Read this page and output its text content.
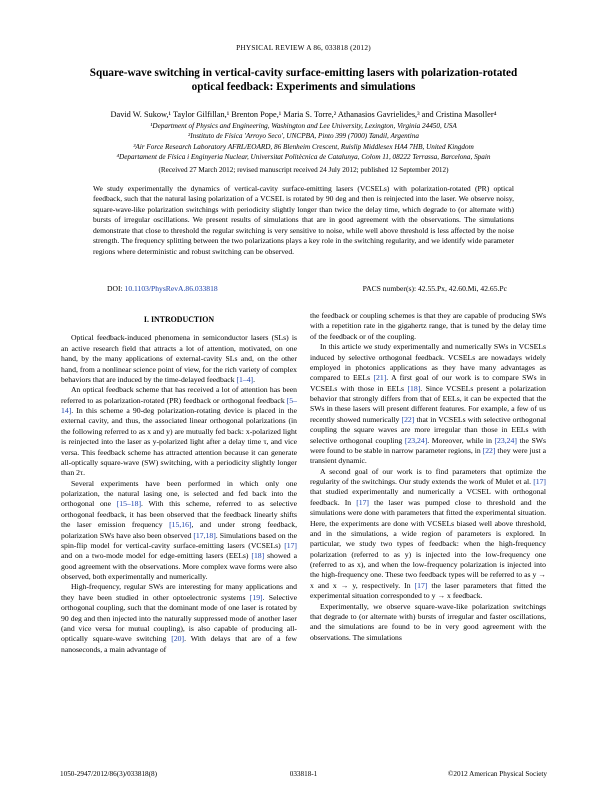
PHYSICAL REVIEW A 86, 033818 (2012)
Square-wave switching in vertical-cavity surface-emitting lasers with polarization-rotated
optical feedback: Experiments and simulations
David W. Sukow,¹ Taylor Gilfillan,¹ Brenton Pope,¹ Maria S. Torre,² Athanasios Gavrielides,³ and Cristina Masoller⁴
¹Department of Physics and Engineering, Washington and Lee University, Lexington, Virginia 24450, USA
²Instituto de Física 'Arroyo Seco', UNCPBA, Pinto 399 (7000) Tandil, Argentina
³Air Force Research Laboratory AFRL/EOARD, 86 Blenheim Crescent, Ruislip Middlesex HA4 7HB, United Kingdom
⁴Departament de Física i Enginyeria Nuclear, Universitat Politècnica de Catalunya, Colom 11, 08222 Terrassa, Barcelona, Spain
(Received 27 March 2012; revised manuscript received 24 July 2012; published 12 September 2012)
We study experimentally the dynamics of vertical-cavity surface-emitting lasers (VCSELs) with polarization-rotated (PR) optical feedback, such that the natural lasing polarization of a VCSEL is rotated by 90 deg and then is reinjected into the laser. We observe noisy, square-wave-like polarization switchings with periodicity slightly longer than twice the delay time, which degrade to (or alternate with) bursts of irregular oscillations. We present results of simulations that are in good agreement with the observations. The simulations demonstrate that close to threshold the regular switching is very sensitive to noise, while well above threshold is less affected by the noise strength. The frequency splitting between the two polarizations plays a key role in the switching regularity, and we identify wide parameter regions where deterministic and robust switching can be observed.
DOI: 10.1103/PhysRevA.86.033818	PACS number(s): 42.55.Px, 42.60.Mi, 42.65.Pc
I. INTRODUCTION

Optical feedback-induced phenomena in semiconductor lasers (SLs) is an active research field that attracts a lot of attention, motivated, on one hand, by the many applications of external-cavity SLs and, on the other hand, from a nonlinear science point of view, for the rich variety of complex behaviors that are induced by the time-delayed feedback [1–4].

An optical feedback scheme that has received a lot of attention has been referred to as polarization-rotated (PR) feedback or orthogonal feedback [5–14]. In this scheme a 90-deg polarization-rotating device is placed in the external cavity, and thus, the associated linear orthogonal polarizations (in the following referred to as x and y) are mutually fed back: x-polarized light is reinjected into the laser as y-polarized light after a delay time τ, and vice versa. This feedback scheme has attracted attention because it can generate all-optically square-wave (SW) switching, with a periodicity slightly longer than 2τ.

Several experiments have been performed in which only one polarization, the natural lasing one, is selected and fed back into the orthogonal one [15–18]. With this scheme, referred to as selective orthogonal feedback, it has been observed that the feedback linearly shifts the laser emission frequency [15,16], and under strong feedback, polarization SWs have also been observed [17,18]. Simulations based on the spin-flip model for vertical-cavity surface-emitting lasers (VCSELs) [17] and on a two-mode model for edge-emitting lasers (EELs) [18] showed a good agreement with the observations. More complex wave forms were also observed, both experimentally and numerically.

High-frequency, regular SWs are interesting for many applications and they have been studied in other optoelectronic systems [19]. Selective orthogonal coupling, such that the dominant mode of one laser is rotated by 90 deg and then injected into the naturally suppressed mode of another laser (and vice versa for mutual coupling), is also capable of producing all-optically square-wave switching [20]. With delays that are of a few nanoseconds, a main advantage of

the feedback or coupling schemes is that they are capable of producing SWs with a repetition rate in the gigahertz range, that is tuned by the delay time of the feedback or of the coupling.

In this article we study experimentally and numerically SWs in VCSELs induced by selective orthogonal feedback. VCSELs are nowadays widely employed in photonics applications as they have many advantages as compared to EELs [21]. A first goal of our work is to compare SWs in VCSELs with those in EELs [18]. Since VCSELs present a polarization behavior that strongly differs from that of EELs, it can be expected that the SWs in these lasers will present different features. For example, a few of us recently showed numerically [22] that in VCSELs with selective orthogonal coupling the square waves are more irregular than those in EELs with selective orthogonal coupling [23,24]. Moreover, while in [23,24] the SWs were found to be stable in narrow parameter regions, in [22] they were just a transient dynamic.

A second goal of our work is to find parameters that optimize the regularity of the switchings. Our study extends the work of Mulet et al. [17] that studied experimentally and numerically a VCSEL with orthogonal feedback. In [17] the laser was pumped close to threshold and the simulations were done with parameters that fitted the experimental situation. Here, the experiments are done with VCSELs biased well above threshold, and in the simulations, a wide region of parameters is explored. In particular, we study two types of feedback: when the high-frequency polarization (referred to as y) is injected into the low-frequency one (referred to as x), and when the low-frequency polarization is injected into the high-frequency one. These two feedback types will be referred to as y → x and x → y, respectively. In [17] the laser parameters that fitted the experimental situation corresponded to y → x feedback.

Experimentally, we observe square-wave-like polarization switchings that degrade to (or alternate with) bursts of irregular and faster oscillations, and the simulations are found to be in very good agreement with the observations. The simulations

1050-2947/2012/86(3)/033818(8)	033818-1	©2012 American Physical Society
